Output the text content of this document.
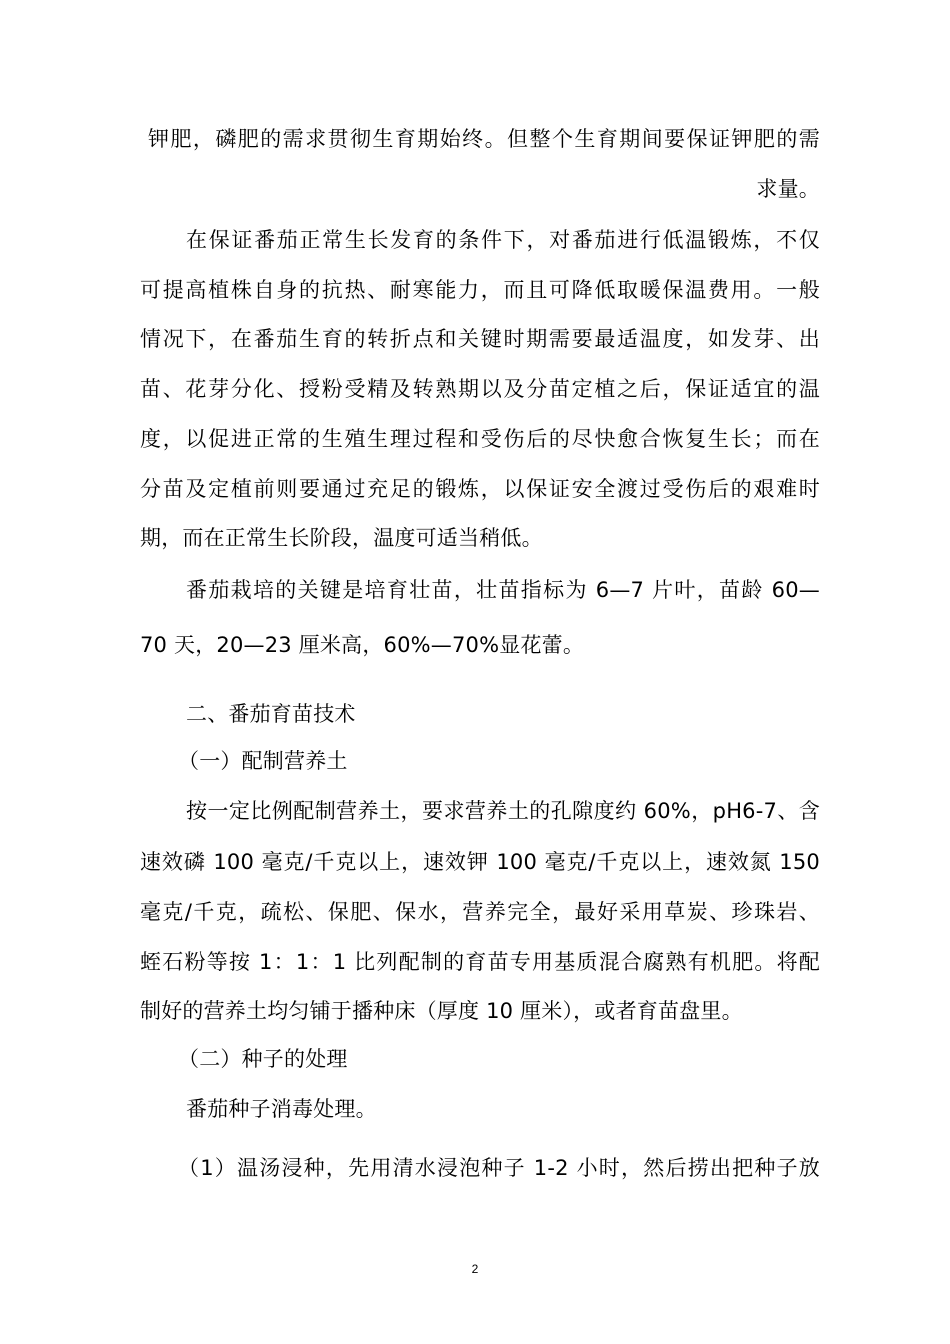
钾肥，磷肥的需求贯彻生育期始终。但整个生育期间要保证钾肥的需
求量。
在保证番茄正常生长发育的条件下，对番茄进行低温锻炼，不仅
可提高植株自身的抗热、耐寒能力，而且可降低取暖保温费用。一般
情况下，在番茄生育的转折点和关键时期需要最适温度，如发芽、出
苗、花芽分化、授粉受精及转熟期以及分苗定植之后，保证适宜的温
度，以促进正常的生殖生理过程和受伤后的尽快愈合恢复生长；而在
分苗及定植前则要通过充足的锻炼，以保证安全渡过受伤后的艰难时
期，而在正常生长阶段，温度可适当稍低。
番茄栽培的关键是培育壮苗，壮苗指标为 6—7 片叶，苗龄 60—
70 天，20—23 厘米高，60%—70%显花蕾。
二、番茄育苗技术
（一）配制营养土
按一定比例配制营养土，要求营养土的孔隙度约 60%，pH6-7、含
速效磷 100 毫克/千克以上，速效钾 100 毫克/千克以上，速效氮 150
毫克/千克，疏松、保肥、保水，营养完全，最好采用草炭、珍珠岩、
蛭石粉等按 1：1：1 比列配制的育苗专用基质混合腐熟有机肥。将配
制好的营养土均匀铺于播种床（厚度 10 厘米），或者育苗盘里。
（二）种子的处理
番茄种子消毒处理。
（1）温汤浸种，先用清水浸泡种子 1-2 小时，然后捞出把种子放
2
